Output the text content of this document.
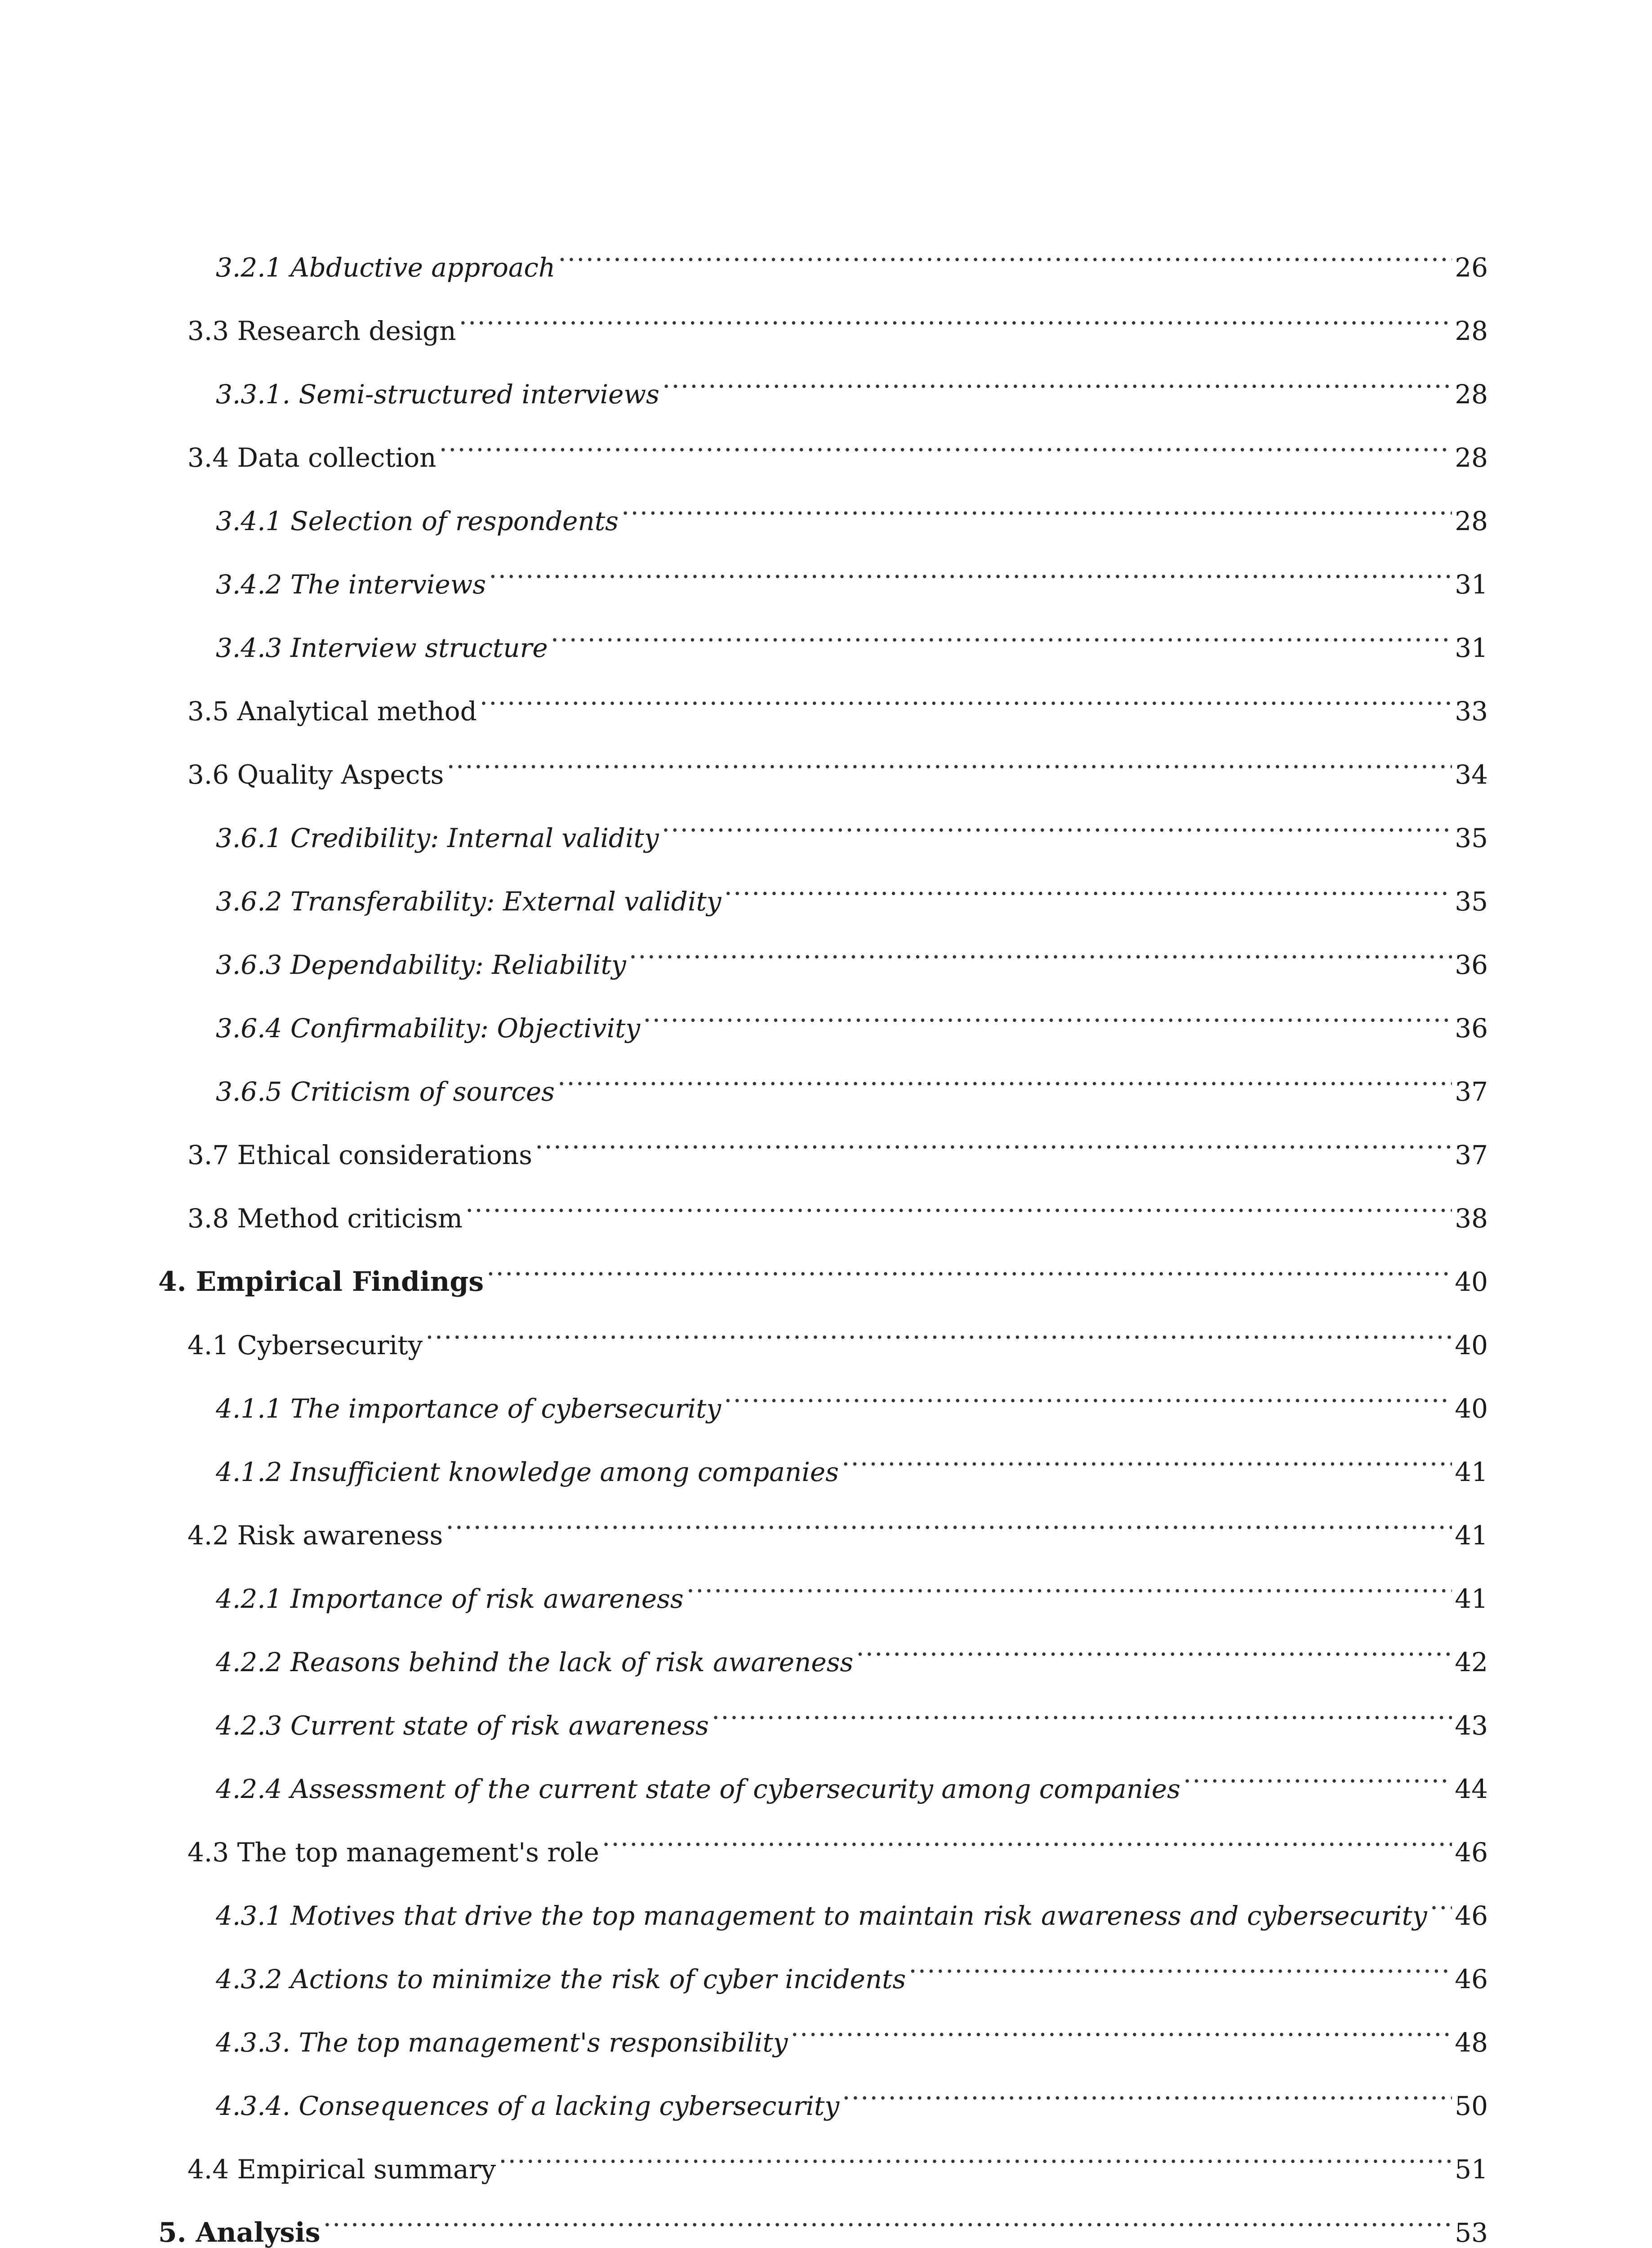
3.2.1 Abductive approach .....	26
3.3 Research design .....	28
3.3.1. Semi-structured interviews .....	28
3.4 Data collection .....	28
3.4.1 Selection of respondents .....	28
3.4.2 The interviews .....	31
3.4.3 Interview structure .....	31
3.5 Analytical method .....	33
3.6 Quality Aspects .....	34
3.6.1 Credibility: Internal validity .....	35
3.6.2 Transferability: External validity .....	35
3.6.3 Dependability: Reliability .....	36
3.6.4 Confirmability: Objectivity .....	36
3.6.5 Criticism of sources .....	37
3.7 Ethical considerations .....	37
3.8 Method criticism .....	38
4. Empirical Findings .....	40
4.1 Cybersecurity .....	40
4.1.1 The importance of cybersecurity .....	40
4.1.2 Insufficient knowledge among companies .....	41
4.2 Risk awareness .....	41
4.2.1 Importance of risk awareness .....	41
4.2.2 Reasons behind the lack of risk awareness .....	42
4.2.3 Current state of risk awareness .....	43
4.2.4 Assessment of the current state of cybersecurity among companies .....	44
4.3 The top management's role .....	46
4.3.1 Motives that drive the top management to maintain risk awareness and cybersecurity ..... 46
4.3.2 Actions to minimize the risk of cyber incidents .....	46
4.3.3. The top management's responsibility .....	48
4.3.4. Consequences of a lacking cybersecurity .....	50
4.4 Empirical summary .....	51
5. Analysis .....	53
